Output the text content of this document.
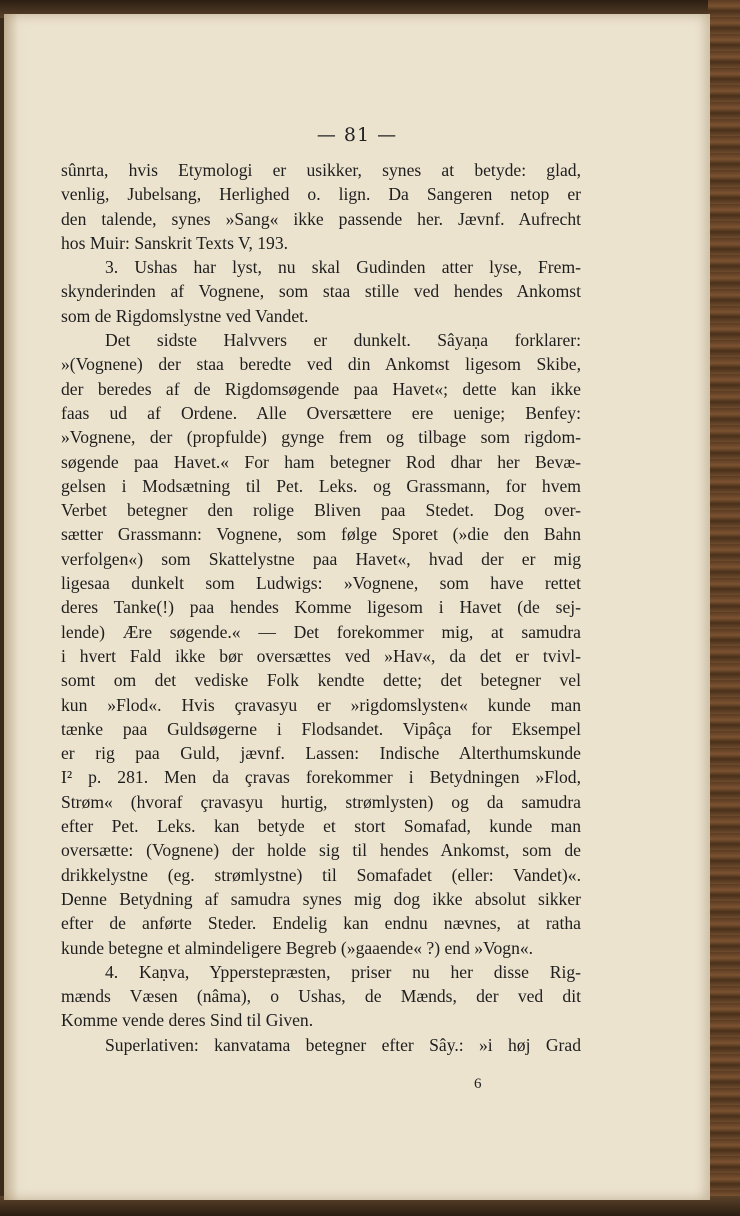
— 81 —
sûnrta, hvis Etymologi er usikker, synes at betyde: glad,
venlig, Jubelsang, Herlighed o. lign. Da Sangeren netop er
den talende, synes »Sang« ikke passende her. Jævnf. Aufrecht
hos Muir: Sanskrit Texts V, 193.
3. Ushas har lyst, nu skal Gudinden atter lyse, Frem-
skynderinden af Vognene, som staa stille ved hendes Ankomst
som de Rigdomslystne ved Vandet.
Det sidste Halvvers er dunkelt. Sâyaṇa forklarer:
»(Vognene) der staa beredte ved din Ankomst ligesom Skibe,
der beredes af de Rigdomsøgende paa Havet«; dette kan ikke
faas ud af Ordene. Alle Oversættere ere uenige; Benfey:
»Vognene, der (propfulde) gynge frem og tilbage som rigdom-
søgende paa Havet.« For ham betegner Rod dhar her Bevæ-
gelsen i Modsætning til Pet. Leks. og Grassmann, for hvem
Verbet betegner den rolige Bliven paa Stedet. Dog over-
sætter Grassmann: Vognene, som følge Sporet (»die den Bahn
verfolgen«) som Skattelystne paa Havet«, hvad der er mig
ligesaa dunkelt som Ludwigs: »Vognene, som have rettet
deres Tanke(!) paa hendes Komme ligesom i Havet (de sej-
lende) Ære søgende.« — Det forekommer mig, at samudra
i hvert Fald ikke bør oversættes ved »Hav«, da det er tvivl-
somt om det vediske Folk kendte dette; det betegner vel
kun »Flod«. Hvis çravasyu er »rigdomslysten« kunde man
tænke paa Guldsøgerne i Flodsandet. Vipâça for Eksempel
er rig paa Guld, jævnf. Lassen: Indische Alterthumskunde
I² p. 281. Men da çravas forekommer i Betydningen »Flod,
Strøm« (hvoraf çravasyu hurtig, strømlysten) og da samudra
efter Pet. Leks. kan betyde et stort Somafad, kunde man
oversætte: (Vognene) der holde sig til hendes Ankomst, som de
drikkelystne (eg. strømlystne) til Somafadet (eller: Vandet)«.
Denne Betydning af samudra synes mig dog ikke absolut sikker
efter de anførte Steder. Endelig kan endnu nævnes, at ratha
kunde betegne et almindeligere Begreb (»gaaende« ?) end »Vogn«.
4. Kaṇva, Ypperstepræsten, priser nu her disse Rig-
mænds Væsen (nâma), o Ushas, de Mænds, der ved dit
Komme vende deres Sind til Given.
Superlativen: kanvatama betegner efter Sây.: »i høj Grad
6
